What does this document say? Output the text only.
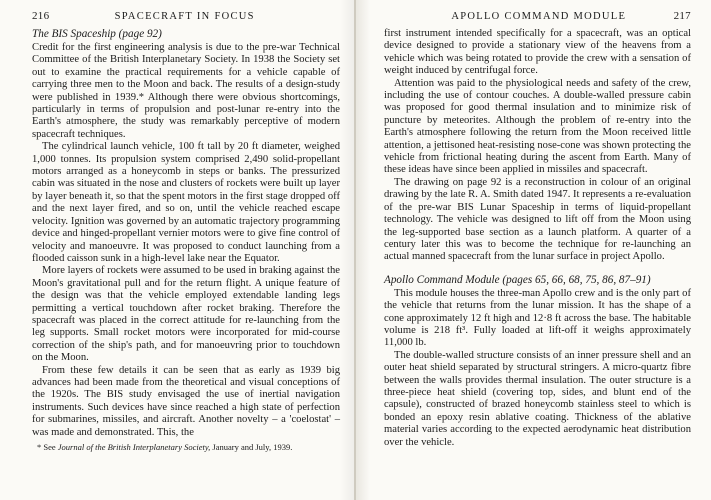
216	SPACECRAFT IN FOCUS
The BIS Spaceship (page 92)

Credit for the first engineering analysis is due to the pre-war Technical Committee of the British Interplanetary Society. In 1938 the Society set out to examine the practical requirements for a vehicle capable of carrying three men to the Moon and back. The results of a design-study were published in 1939.* Although there were obvious shortcomings, particularly in terms of propulsion and post-lunar re-entry into the Earth's atmosphere, the study was remarkably perceptive of modern spacecraft techniques.

The cylindrical launch vehicle, 100 ft tall by 20 ft diameter, weighed 1,000 tonnes. Its propulsion system comprised 2,490 solid-propellant motors arranged as a honeycomb in steps or banks. The pressurized cabin was situated in the nose and clusters of rockets were built up layer by layer beneath it, so that the spent motors in the first stage dropped off and the next layer fired, and so on, until the vehicle reached escape velocity. Ignition was governed by an automatic trajectory programming device and hinged-propellant vernier motors were to give fine control of velocity and manoeuvre. It was proposed to conduct launching from a flooded caisson sunk in a high-level lake near the Equator.

More layers of rockets were assumed to be used in braking against the Moon's gravitational pull and for the return flight. A unique feature of the design was that the vehicle employed extendable landing legs permitting a vertical touchdown after rocket braking. Therefore the spacecraft was placed in the correct attitude for re-launching from the leg supports. Small rocket motors were incorporated for mid-course correction of the ship's path, and for manoeuvring prior to touchdown on the Moon.

From these few details it can be seen that as early as 1939 big advances had been made from the theoretical and visual conceptions of the 1920s. The BIS study envisaged the use of inertial navigation instruments. Such devices have since reached a high state of perfection for submarines, missiles, and aircraft. Another novelty – a 'coelostat' – was made and demonstrated. This, the

* See Journal of the British Interplanetary Society, January and July, 1939.
APOLLO COMMAND MODULE	217

first instrument intended specifically for a spacecraft, was an optical device designed to provide a stationary view of the heavens from a vehicle which was being rotated to provide the crew with a sensation of weight induced by centrifugal force.

Attention was paid to the physiological needs and safety of the crew, including the use of contour couches. A double-walled pressure cabin was proposed for good thermal insulation and to minimize risk of puncture by meteorites. Although the problem of re-entry into the Earth's atmosphere following the return from the Moon received little attention, a jettisoned heat-resisting nose-cone was shown protecting the vehicle from frictional heating during the ascent from Earth. Many of these ideas have since been applied in missiles and spacecraft.

The drawing on page 92 is a reconstruction in colour of an original drawing by the late R. A. Smith dated 1947. It represents a re-evaluation of the pre-war BIS Lunar Spaceship in terms of liquid-propellant technology. The vehicle was designed to lift off from the Moon using the leg-supported base section as a launch platform. A quarter of a century later this was to become the technique for re-launching an actual manned spacecraft from the lunar surface in project Apollo.

Apollo Command Module (pages 65, 66, 68, 75, 86, 87–91)

This module houses the three-man Apollo crew and is the only part of the vehicle that returns from the lunar mission. It has the shape of a cone approximately 12 ft high and 12·8 ft across the base. The habitable volume is 218 ft³. Fully loaded at lift-off it weighs approximately 11,000 lb.

The double-walled structure consists of an inner pressure shell and an outer heat shield separated by structural stringers. A micro-quartz fibre between the walls provides thermal insulation. The outer structure is a three-piece heat shield (covering top, sides, and blunt end of the capsule), constructed of brazed honeycomb stainless steel to which is bonded an epoxy resin ablative coating. Thickness of the ablative material varies according to the expected aerodynamic heat distribution over the vehicle.
